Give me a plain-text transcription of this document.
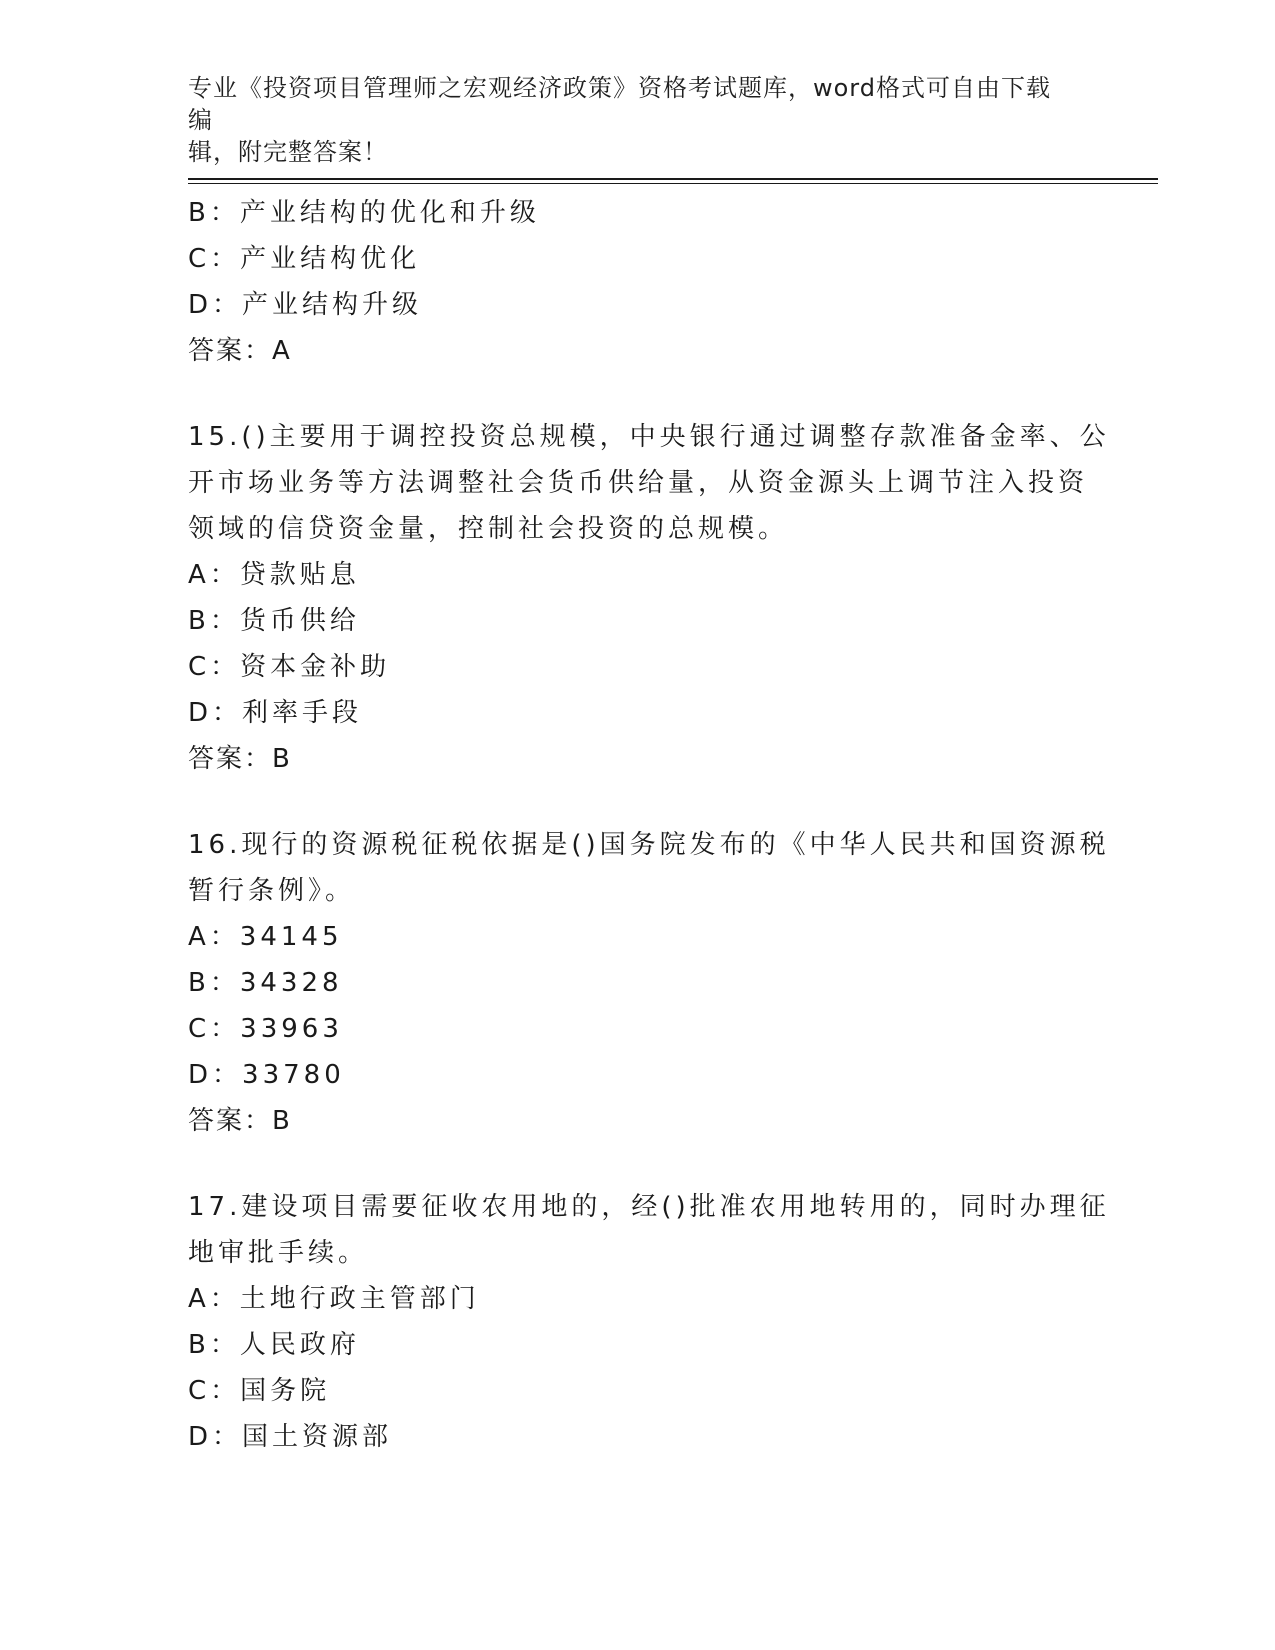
专业《投资项目管理师之宏观经济政策》资格考试题库，word格式可自由下载编
辑，附完整答案！
B：产业结构的优化和升级
C：产业结构优化
D：产业结构升级
答案：A
15.()主要用于调控投资总规模，中央银行通过调整存款准备金率、公
开市场业务等方法调整社会货币供给量，从资金源头上调节注入投资
领域的信贷资金量，控制社会投资的总规模。
A：贷款贴息
B：货币供给
C：资本金补助
D：利率手段
答案：B
16.现行的资源税征税依据是()国务院发布的《中华人民共和国资源税
暂行条例》。
A：34145
B：34328
C：33963
D：33780
答案：B
17.建设项目需要征收农用地的，经()批准农用地转用的，同时办理征
地审批手续。
A：土地行政主管部门
B：人民政府
C：国务院
D：国土资源部
